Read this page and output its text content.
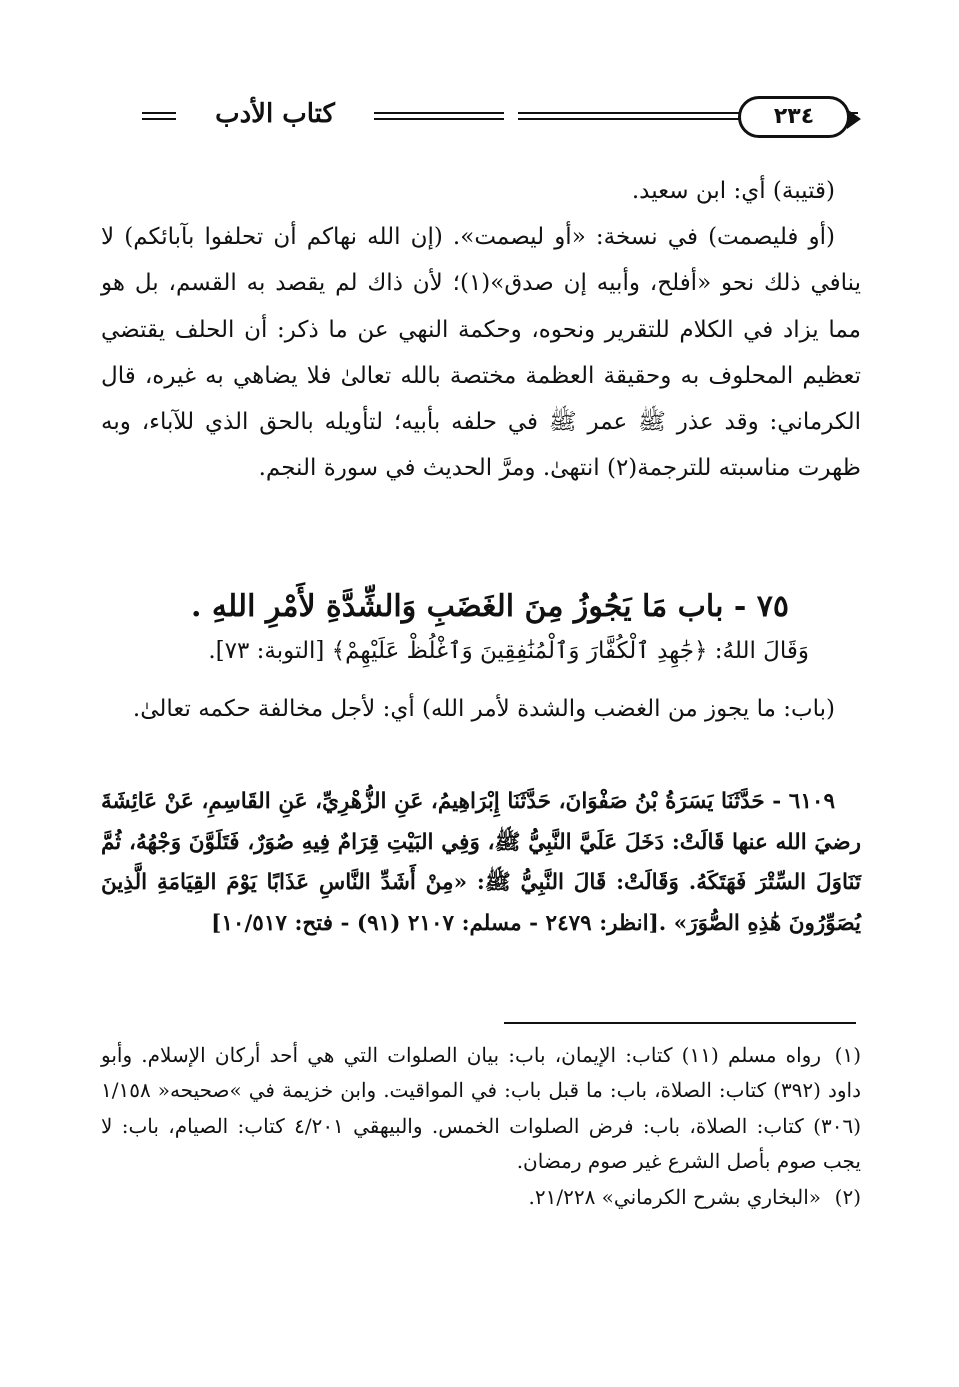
٢٣٤
كتاب الأدب

(قتيبة) أي: ابن سعيد.

(أو فليصمت) في نسخة: «أو ليصمت». (إن الله نهاكم أن تحلفوا بآبائكم) لا ينافي ذلك نحو «أفلح، وأبيه إن صدق»(١)؛ لأن ذاك لم يقصد به القسم، بل هو مما يزاد في الكلام للتقرير ونحوه، وحكمة النهي عن ما ذكر: أن الحلف يقتضي تعظيم المحلوف به وحقيقة العظمة مختصة بالله تعالىٰ فلا يضاهي به غيره، قال الكرماني: وقد عذر ﷺ عمر ﷺ في حلفه بأبيه؛ لتأويله بالحق الذي للآباء، وبه ظهرت مناسبته للترجمة(٢) انتهىٰ. ومرَّ الحديث في سورة النجم.

٧٥ - باب مَا يَجُوزُ مِنَ الغَضَبِ وَالشِّدَّةِ لأَمْرِ اللهِ .
وَقَالَ اللهُ: ﴿جَٰهِدِ ٱلْكُفَّارَ وَٱلْمُنَٰفِقِينَ وَٱغْلُظْ عَلَيْهِمْ﴾ [التوبة: ٧٣].

(باب: ما يجوز من الغضب والشدة لأمر الله) أي: لأجل مخالفة حكمه تعالىٰ.

٦١٠٩ - حَدَّثَنَا يَسَرَةُ بْنُ صَفْوَانَ، حَدَّثَنَا إِبْرَاهِيمُ، عَنِ الزُّهْرِيِّ، عَنِ القَاسِمِ، عَنْ عَائِشَةَ رضيَ الله عنها قَالَتْ: دَخَلَ عَلَيَّ النَّبِيُّ ﷺ، وَفِي البَيْتِ قِرَامٌ فِيهِ صُوَرٌ، فَتَلَوَّنَ وَجْهُهُ، ثُمَّ تَنَاوَلَ السِّتْرَ فَهَتَكَهُ. وَقَالَتْ: قَالَ النَّبِيُّ ﷺ: «مِنْ أَشَدِّ النَّاسِ عَذَابًا يَوْمَ القِيَامَةِ الَّذِينَ يُصَوِّرُونَ هَٰذِهِ الصُّوَرَ» .[انظر: ٢٤٧٩ - مسلم: ٢١٠٧ (٩١) - فتح: ١٠/٥١٧]

(١)رواه مسلم (١١) كتاب: الإيمان، باب: بيان الصلوات التي هي أحد أركان الإسلام. وأبو داود (٣٩٢) كتاب: الصلاة، باب: ما قبل باب: في المواقيت. وابن خزيمة في »صحيحه« ١/١٥٨ (٣٠٦) كتاب: الصلاة، باب: فرض الصلوات الخمس. والبيهقي ٤/٢٠١ كتاب: الصيام، باب: لا يجب صوم بأصل الشرع غير صوم رمضان.

(٢)«البخاري بشرح الكرماني» ٢١/٢٢٨.
